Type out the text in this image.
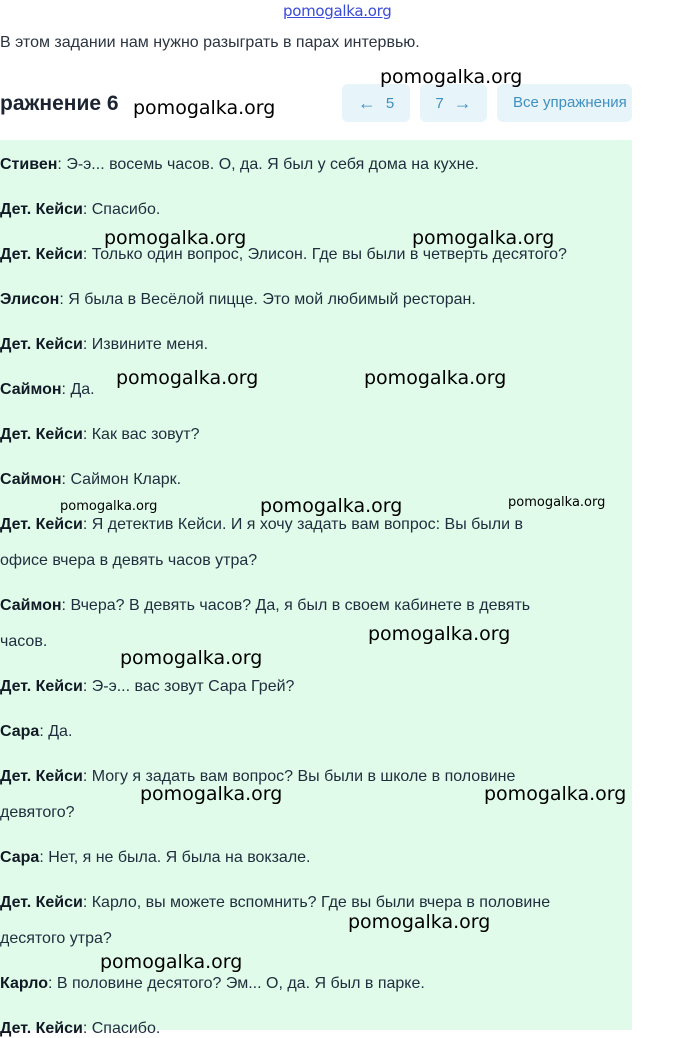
pomogalka.org
В этом задании нам нужно разыграть в парах интервью.
ражнение 6	← 5	7 →	Все упражнения
Стивен: Э-э... восемь часов. О, да. Я был у себя дома на кухне.
Дет. Кейси: Спасибо.
Дет. Кейси: Только один вопрос, Элисон. Где вы были в четверть десятого?
Элисон: Я была в Весёлой пицце. Это мой любимый ресторан.
Дет. Кейси: Извините меня.
Саймон: Да.
Дет. Кейси: Как вас зовут?
Саймон: Саймон Кларк.
Дет. Кейси: Я детектив Кейси. И я хочу задать вам вопрос: Вы были в
офисе вчера в девять часов утра?
Саймон: Вчера? В девять часов? Да, я был в своем кабинете в девять
часов.
Дет. Кейси: Э-э... вас зовут Сара Грей?
Сара: Да.
Дет. Кейси: Могу я задать вам вопрос? Вы были в школе в половине
девятого?
Сара: Нет, я не была. Я была на вокзале.
Дет. Кейси: Карло, вы можете вспомнить? Где вы были вчера в половине
десятого утра?
Карло: В половине десятого? Эм... О, да. Я был в парке.
Дет. Кейси: Спасибо.
pomogalka.org
pomogalka.org
pomogalka.org	pomogalka.org
pomogalka.org	pomogalka.org
pomogalka.org	pomogalka.org	pomogalka.org
pomogalka.org
pomogalka.org
pomogalka.org	pomogalka.org
pomogalka.org
pomogalka.org
